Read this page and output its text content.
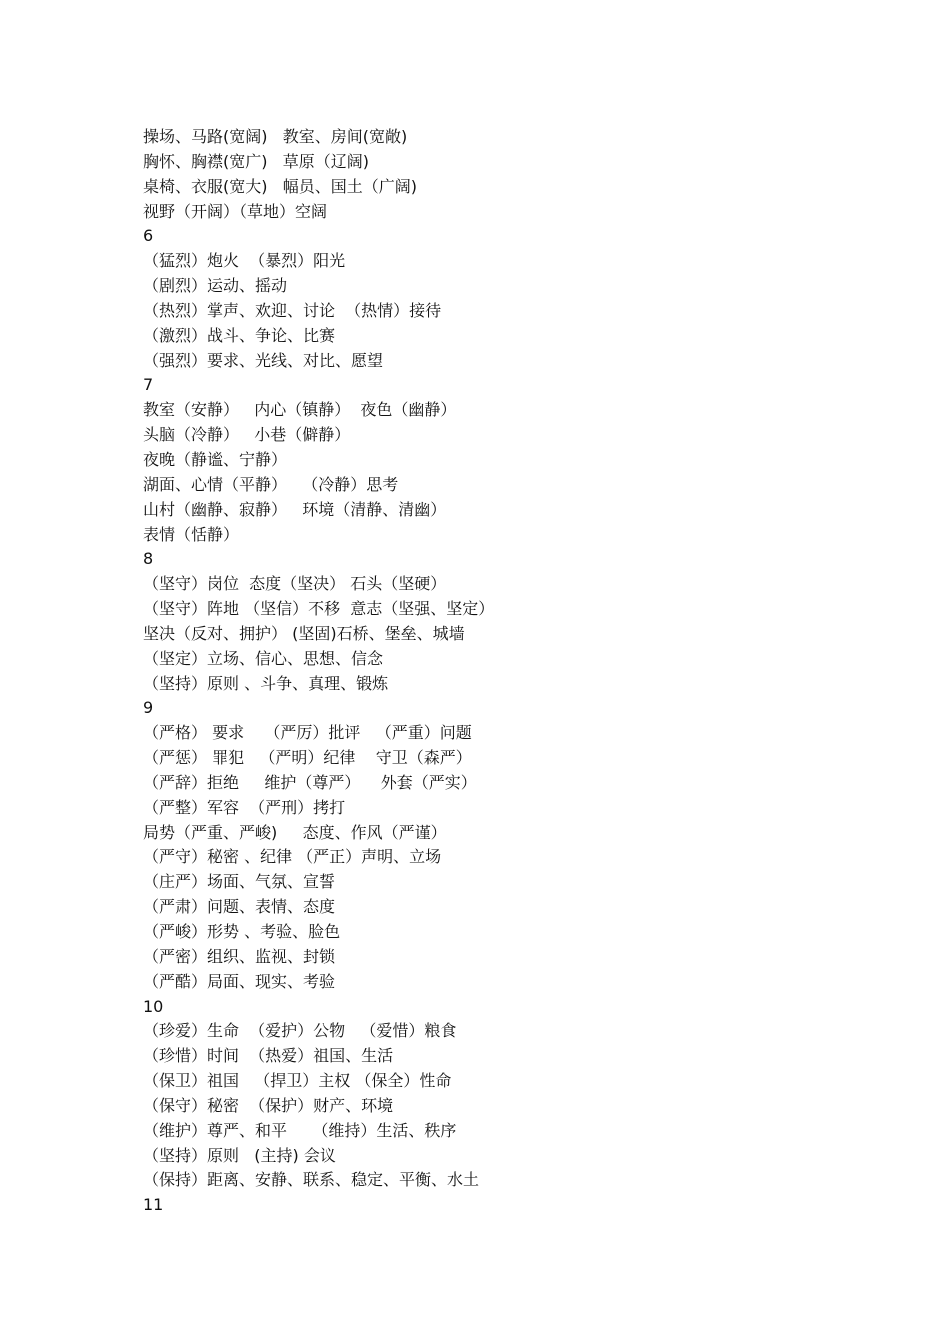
操场、马路(宽阔)   教室、房间(宽敞)
胸怀、胸襟(宽广)   草原（辽阔)
桌椅、衣服(宽大)   幅员、国土（广阔)
视野（开阔）（草地）空阔
6
（猛烈）炮火  （暴烈）阳光
（剧烈）运动、摇动
（热烈）掌声、欢迎、讨论  （热情）接待
（激烈）战斗、争论、比赛
（强烈）要求、光线、对比、愿望
7
教室（安静）   内心（镇静）  夜色（幽静）
头脑（冷静）   小巷（僻静）
夜晚（静谧、宁静）
湖面、心情（平静）   （冷静）思考
山村（幽静、寂静）   环境（清静、清幽）
表情（恬静）
8
（坚守）岗位  态度（坚决） 石头（坚硬）
（坚守）阵地 （坚信）不移  意志（坚强、坚定）
坚决（反对、拥护） (坚固)石桥、堡垒、城墙
（坚定）立场、信心、思想、信念
（坚持）原则 、斗争、真理、锻炼
9
（严格） 要求    （严厉）批评   （严重）问题
（严惩） 罪犯   （严明）纪律    守卫（森严）
（严辞）拒绝     维护（尊严）    外套（严实）
（严整）军容  （严刑）拷打
局势（严重、严峻)     态度、作风（严谨）
（严守）秘密 、纪律 （严正）声明、立场
（庄严）场面、气氛、宣誓
（严肃）问题、表情、态度
（严峻）形势 、考验、脸色
（严密）组织、监视、封锁
（严酷）局面、现实、考验
10
（珍爱）生命  （爱护）公物   （爱惜）粮食
（珍惜）时间  （热爱）祖国、生活
（保卫）祖国   （捍卫）主权 （保全）性命
（保守）秘密  （保护）财产、环境
（维护）尊严、和平     （维持）生活、秩序
（坚持）原则   (主持) 会议
（保持）距离、安静、联系、稳定、平衡、水土
11
